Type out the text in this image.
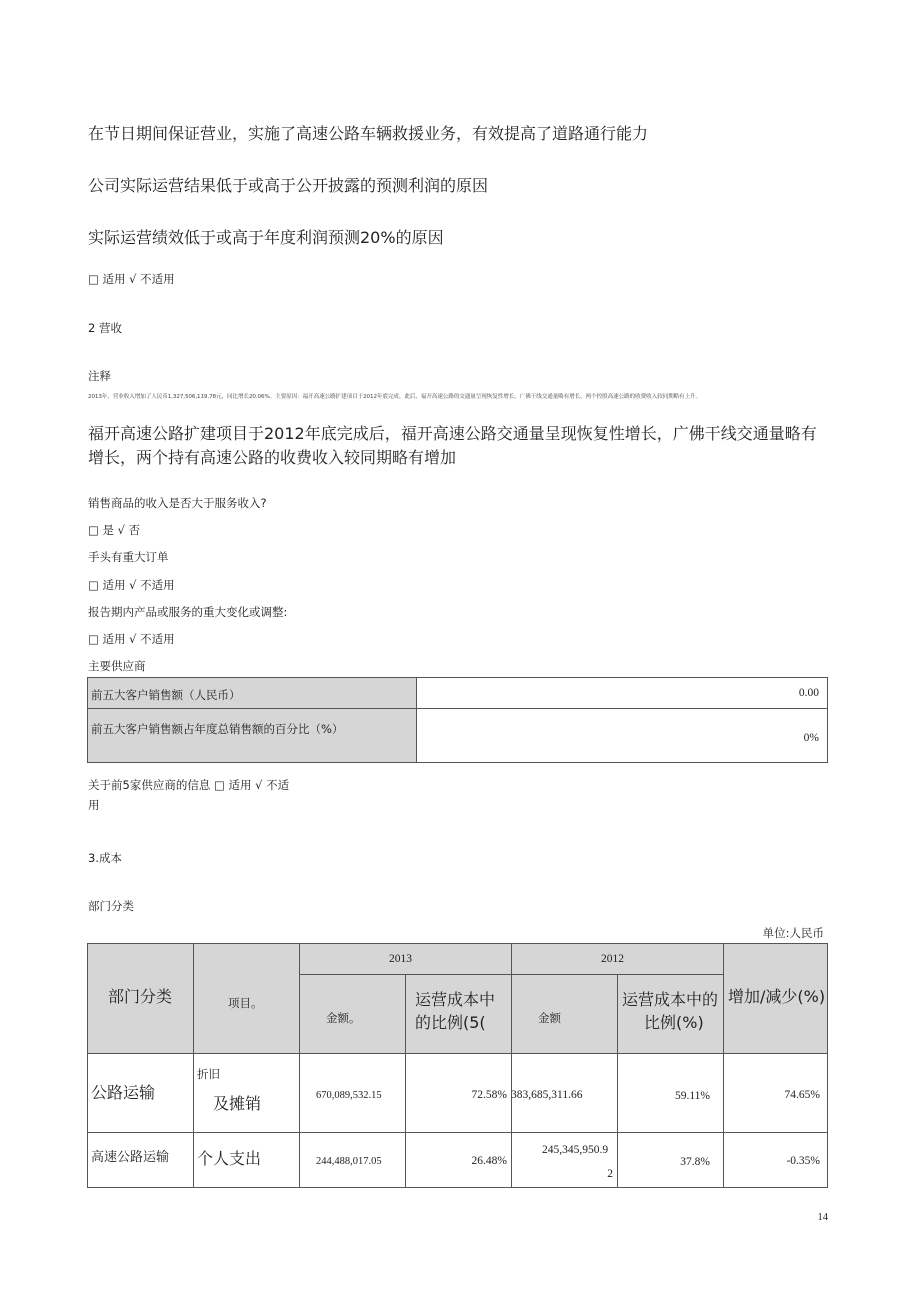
在节日期间保证营业，实施了高速公路车辆救援业务，有效提高了道路通行能力
公司实际运营结果低于或高于公开披露的预测利润的原因
实际运营绩效低于或高于年度利润预测20%的原因
□ 适用 √ 不适用
2 营收
注释
2013年，营业收入增加了人民币1,327,506,119.78元，同比增长20.06%。主要原因：福开高速公路扩建项目于2012年底完成。此后，福开高速公路的交通量呈现恢复性增长，广佛干线交通量略有增长，两个控股高速公路的收费收入较同期略有上升。
福开高速公路扩建项目于2012年底完成后，福开高速公路交通量呈现恢复性增长，广佛干线交通量略有
增长，两个持有高速公路的收费收入较同期略有增加
销售商品的收入是否大于服务收入?
□ 是 √ 否
手头有重大订单
□ 适用 √ 不适用
报告期内产品或服务的重大变化或调整:
□ 适用 √ 不适用
主要供应商
前五大客户销售额（人民币）	0.00

前五大客户销售额占年度总销售额的百分比（%）	0%
关于前5家供应商的信息 □ 适用 √ 不适
用
3.成本
部门分类
单位:人民币
部门分类	项目。	2013		2012		增加/减少(%)

		金额。	运营成本中
的比例(5(	金额	运营成本中的
比例(%)	

公路运输	折旧
及摊销	670,089,532.15	72.58%	383,685,311.66	59.11%	74.65%

高速公路运输	个人支出	244,488,017.05	26.48%	245,345,950.9
2	37.8%	-0.35%
14
